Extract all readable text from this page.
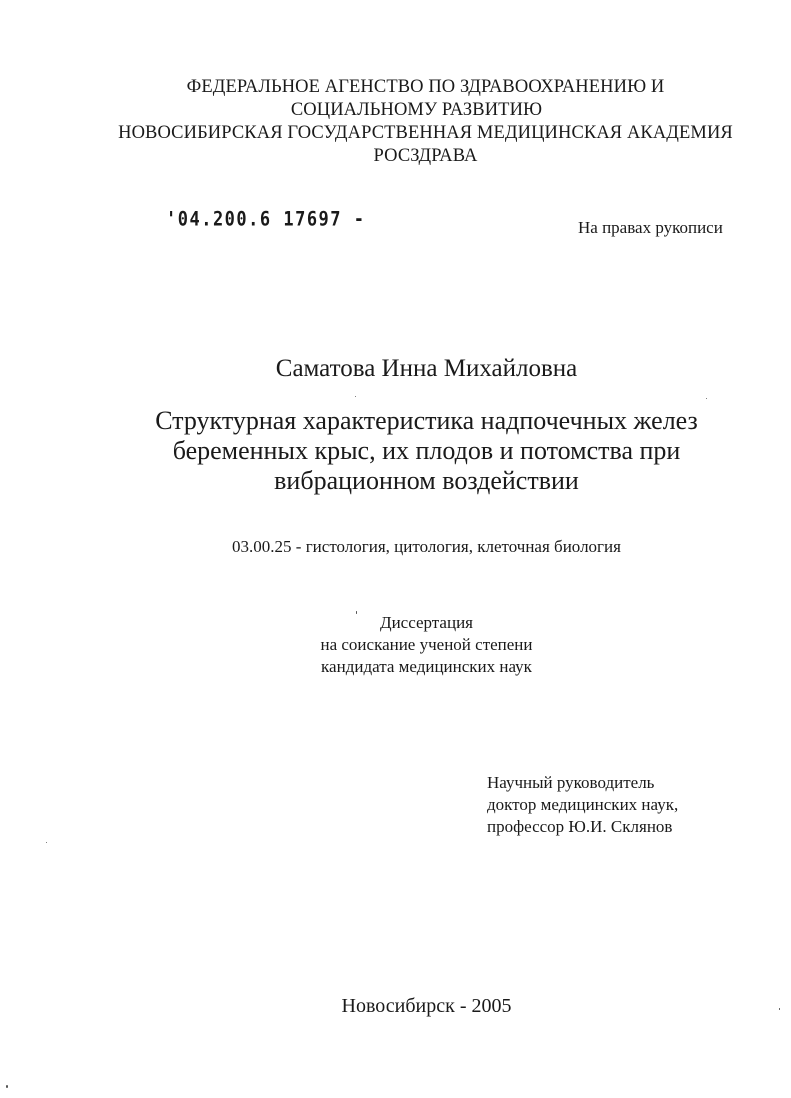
ФЕДЕРАЛЬНОЕ АГЕНСТВО ПО ЗДРАВООХРАНЕНИЮ И
СОЦИАЛЬНОМУ РАЗВИТИЮ
НОВОСИБИРСКАЯ ГОСУДАРСТВЕННАЯ МЕДИЦИНСКАЯ АКАДЕМИЯ
РОСЗДРАВА
'04.200.6 17697 -	На правах рукописи
Саматова Инна Михайловна
Структурная характеристика надпочечных желез
беременных крыс, их плодов и потомства при
вибрационном воздействии
03.00.25 - гистология, цитология, клеточная биология
Диссертация
на соискание ученой степени
кандидата медицинских наук
Научный руководитель
доктор медицинских наук,
профессор Ю.И. Склянов
Новосибирск - 2005
